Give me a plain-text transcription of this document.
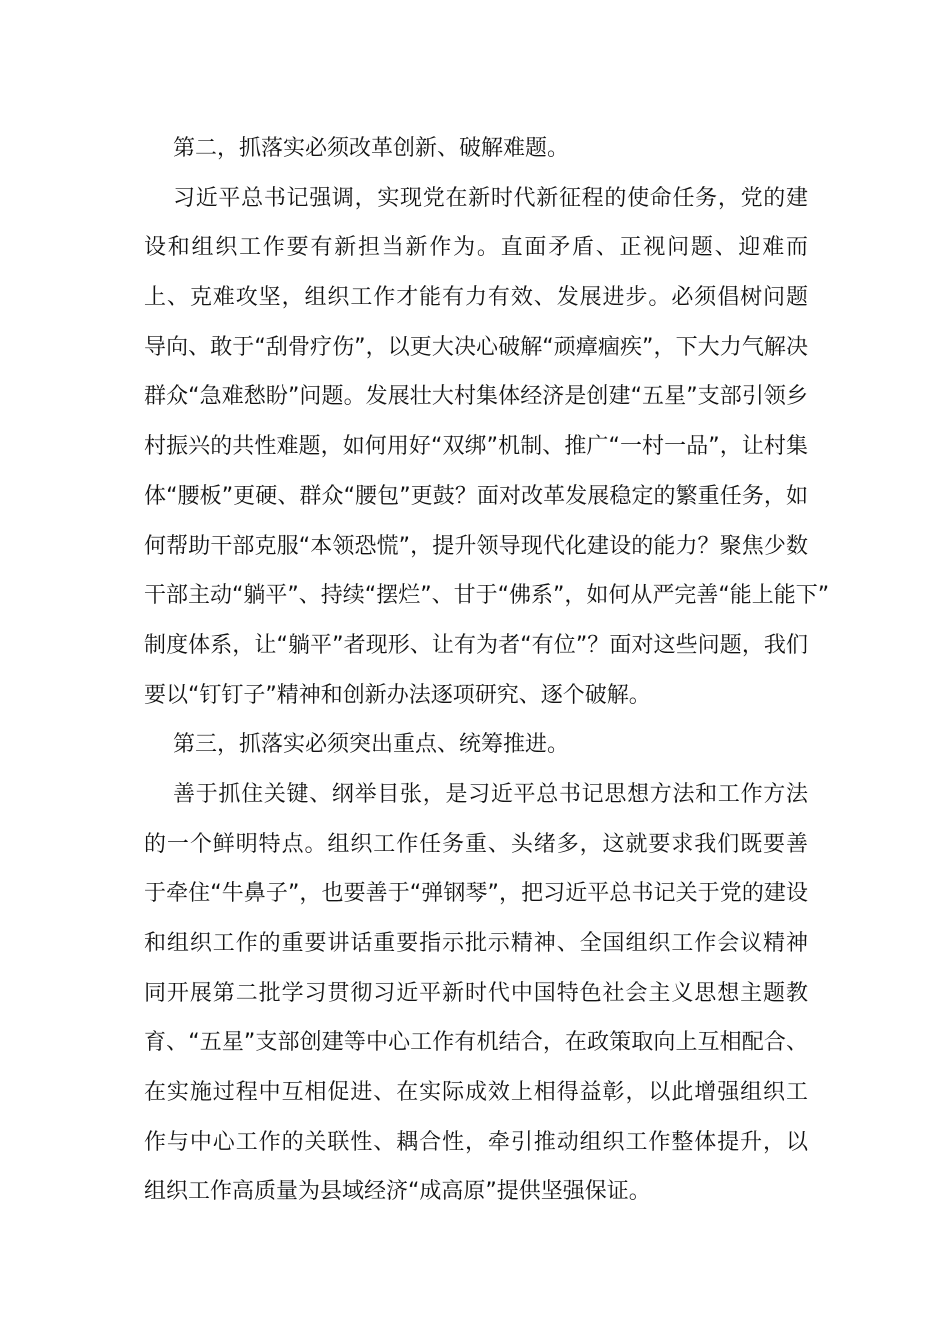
第二，抓落实必须改革创新、破解难题。
习近平总书记强调，实现党在新时代新征程的使命任务，党的建
设和组织工作要有新担当新作为。直面矛盾、正视问题、迎难而
上、克难攻坚，组织工作才能有力有效、发展进步。必须倡树问题
导向、敢于“刮骨疗伤”，以更大决心破解“顽瘴痼疾”，下大力气解决
群众“急难愁盼”问题。发展壮大村集体经济是创建“五星”支部引领乡
村振兴的共性难题，如何用好“双绑”机制、推广“一村一品”，让村集
体“腰板”更硬、群众“腰包”更鼓？面对改革发展稳定的繁重任务，如
何帮助干部克服“本领恐慌”，提升领导现代化建设的能力？聚焦少数
干部主动“躺平”、持续“摆烂”、甘于“佛系”，如何从严完善“能上能下”
制度体系，让“躺平”者现形、让有为者“有位”？面对这些问题，我们
要以“钉钉子”精神和创新办法逐项研究、逐个破解。
第三，抓落实必须突出重点、统筹推进。
善于抓住关键、纲举目张，是习近平总书记思想方法和工作方法
的一个鲜明特点。组织工作任务重、头绪多，这就要求我们既要善
于牵住“牛鼻子”，也要善于“弹钢琴”，把习近平总书记关于党的建设
和组织工作的重要讲话重要指示批示精神、全国组织工作会议精神
同开展第二批学习贯彻习近平新时代中国特色社会主义思想主题教
育、“五星”支部创建等中心工作有机结合，在政策取向上互相配合、
在实施过程中互相促进、在实际成效上相得益彰，以此增强组织工
作与中心工作的关联性、耦合性，牵引推动组织工作整体提升，以
组织工作高质量为县域经济“成高原”提供坚强保证。
